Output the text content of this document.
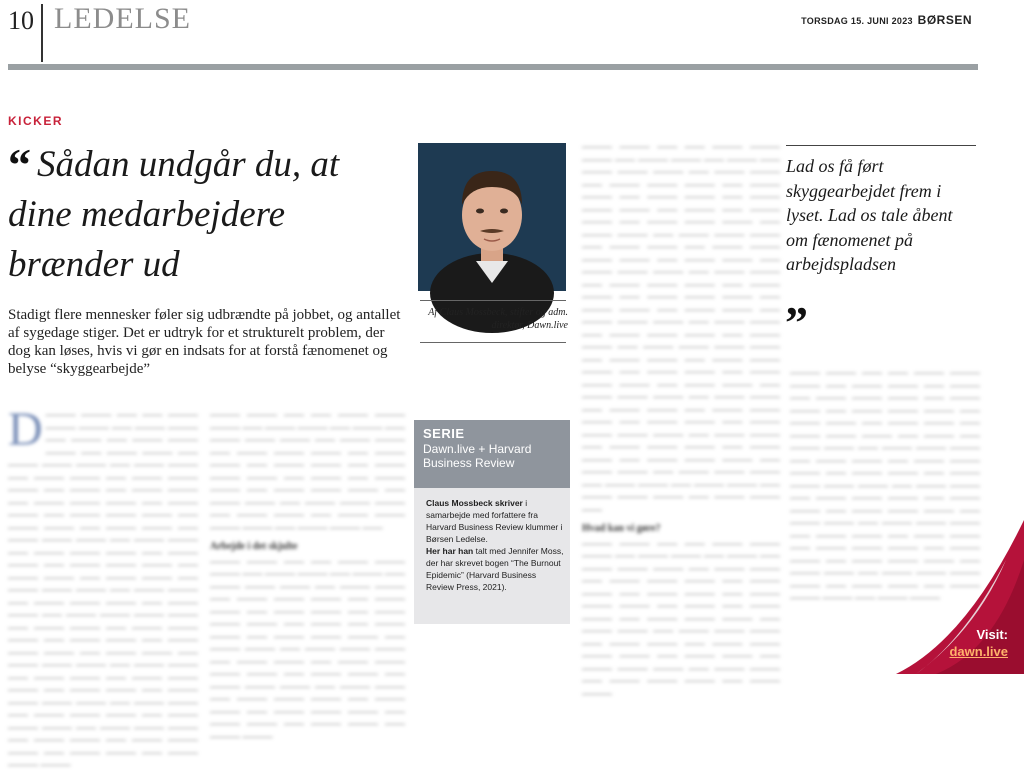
10 LEDELSE	TORSDAG 15. JUNI 2023 BØRSEN
KICKER
“ Sådan undgår du, at dine medarbejdere brænder ud
Stadigt flere mennesker føler sig udbrændte på jobbet, og antallet af sygedage stiger. Det er udtryk for et strukturelt problem, der dog kan løses, hvis vi gør en indsats for at forstå fænomenet og belyse “skyggearbejde”
Af Claus Mossbeck, stifter og adm. direktør, Dawn.live
D ——— ——— —— —— ——— ——— ——— —— ——— ——— —— ——— —— ——— ——— ——— —— ——— ——— —— ——— ——— ——— —— ——— ——— —— ——— ——— —— ——— ——— ——— —— ——— —— ——— ——— —— ——— ——— ——— —— ——— ——— —— ——— ——— ——— —— ——— ——— —— ——— ——— —— ——— ——— ——— —— ——— ——— —— ——— ——— ——— —— ——— ——— —— ——— ——— ——— —— ——— ——— —— ——— ——— —— ——— ——— ——— —— ——— ——— —— ——— ——— ——— —— ——— ——— —— ——— ——— ——— ——— —— ——— ——— —— ——— ——— ——— —— ——— ——— —— ——— ——— ——— —— ——— ——— —— ——— ——— ——— —— ——— ——— —— ——— ——— —— ——— ——— ——— —— ——— ——— —— ——— ——— ——— ——— —— ——— ——— —— ——— ——— ——— —— ——— ——— ——— —— ——— ——— ——— —— ——— ——— —— ——— ——— ——— —— ——— ——— —— ——— ——— ———
——— ——— —— —— ——— ——— ——— —— ——— ——— —— ——— —— ——— ——— ——— —— ——— ——— —— ——— ——— ——— —— ——— ——— —— ——— ——— —— ——— ——— ——— —— ——— —— ——— ——— —— ——— ——— ——— —— ——— ——— —— ——— ——— ——— —— ——— ——— —— ——— ——— ——— ——— —— ——— ——— ——
Arbejde i det skjulte
——— ——— —— —— ——— ——— ——— —— ——— ——— —— ——— —— ——— ——— ——— —— ——— ——— —— ——— ——— ——— —— ——— ——— —— ——— ——— —— ——— ——— ——— —— ——— —— ——— ——— —— ——— ——— ——— —— ——— ——— —— ——— ——— ——— —— ——— ——— —— ——— ——— ——— ——— —— ——— ——— —— ——— ——— ——— —— ——— ——— —— ——— ——— ——— —— ——— ——— —— ——— ——— ——— —— ——— ——— —— ——— ——— —— ——— ———
——— ——— —— —— ——— ——— ——— —— ——— ——— —— ——— —— ——— ——— ——— —— ——— ——— —— ——— ——— ——— —— ——— ——— —— ——— ——— —— ——— ——— ——— —— ——— —— ——— ——— —— ——— ——— ——— —— ——— ——— —— ——— ——— ——— —— ——— ——— —— ——— ——— ——— ——— —— ——— ——— —— ——— ——— ——— —— ——— ——— —— ——— ——— ——— —— ——— ——— —— ——— ——— ——— —— ——— ——— —— ——— ——— —— ——— ——— ——— —— ——— ——— —— ——— ——— ——— —— ——— ——— —— ——— ——— ——— ——— —— ——— ——— —— ——— ——— ——— —— ——— ——— —— ——— ——— ——— —— ——— ——— —— ——— ——— ——— —— ——— ——— —— ——— ——— —— ——— ——— ——— —— ——— ——— —— ——— ——— ——— ——— —— ——— ——— —— ——— ——— ——— —— ——— ——— —— ——— ——— ——— —— ——— ——— —— ——— ——— ——— —— ——— ——— —— ——— ——— —— ——— ——— ——— —— ——— ——— ——
Hvad kan vi gøre?
——— ——— —— —— ——— ——— ——— —— ——— ——— —— ——— —— ——— ——— ——— —— ——— ——— —— ——— ——— ——— —— ——— ——— —— ——— ——— —— ——— ——— ——— —— ——— —— ——— ——— —— ——— ——— ——— —— ——— ——— —— ——— ——— ——— —— ——— ——— —— ——— ——— ——— ——— —— ——— ——— —— ——— ——— ——— —— ——— ——— —— ——— ——— ——— —— ——— ———
——— ——— —— —— ——— ——— ——— —— ——— ——— —— ——— —— ——— ——— ——— —— ——— ——— —— ——— ——— ——— —— ——— ——— —— ——— ——— —— ——— ——— ——— —— ——— —— ——— ——— —— ——— ——— ——— —— ——— ——— —— ——— ——— ——— —— ——— ——— —— ——— ——— ——— ——— —— ——— ——— —— ——— ——— ——— —— ——— ——— —— ——— ——— ——— —— ——— ——— —— ——— ——— ——— —— ——— ——— —— ——— ——— —— ——— ——— ——— —— ——— ——— —— ——— ——— ——— —— ——— ——— —— ——— ——— ——— ——— —— ——— ——— —— ——— ——— ——— —— ——— ———
SERIE
Dawn.live + Harvard Business Review
Claus Mossbeck skriver i samarbejde med forfattere fra Harvard Business Review klummer i Børsen Ledelse.
Her har han talt med Jennifer Moss, der har skrevet bogen “The Burnout Epidemic” (Harvard Business Review Press, 2021).
Lad os få ført skyggearbejdet frem i lyset. Lad os tale åbent om fænomenet på arbejdspladsen
”
Visit:
dawn.live
